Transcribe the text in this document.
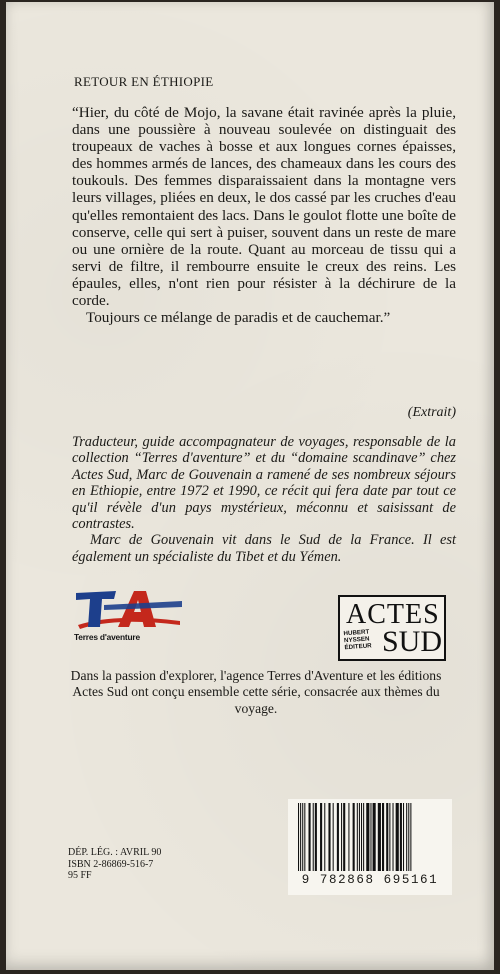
RETOUR EN ÉTHIOPIE

“Hier, du côté de Mojo, la savane était ravinée après la pluie, dans une poussière à nouveau soulevée on distinguait des troupeaux de vaches à bosse et aux longues cornes épaisses, des hommes armés de lances, des chameaux dans les cours des toukouls. Des femmes disparaissaient dans la montagne vers leurs villages, pliées en deux, le dos cassé par les cruches d'eau qu'elles remontaient des lacs. Dans le goulot flotte une boîte de conserve, celle qui sert à puiser, souvent dans un reste de mare ou une ornière de la route. Quant au morceau de tissu qui a servi de filtre, il rembourre ensuite le creux des reins. Les épaules, elles, n'ont rien pour résister à la déchirure de la corde.

Toujours ce mélange de paradis et de cauchemar.”

(Extrait)

Traducteur, guide accompagnateur de voyages, responsable de la collection “Terres d'aventure” et du “domaine scandinave” chez Actes Sud, Marc de Gouvenain a ramené de ses nombreux séjours en Ethiopie, entre 1972 et 1990, ce récit qui fera date par tout ce qu'il révèle d'un pays mystérieux, méconnu et saisissant de contrastes.

Marc de Gouvenain vit dans le Sud de la France. Il est également un spécialiste du Tibet et du Yémen.

Terres d'aventure
ACTES
HUBERT NYSSEN ÉDITEUR SUD
Dans la passion d'explorer, l'agence Terres d'Aventure et les éditions Actes Sud ont conçu ensemble cette série, consacrée aux thèmes du voyage.
DÉP. LÉG. : AVRIL 90
ISBN 2-86869-516-7
95 FF	9 782868 695161
